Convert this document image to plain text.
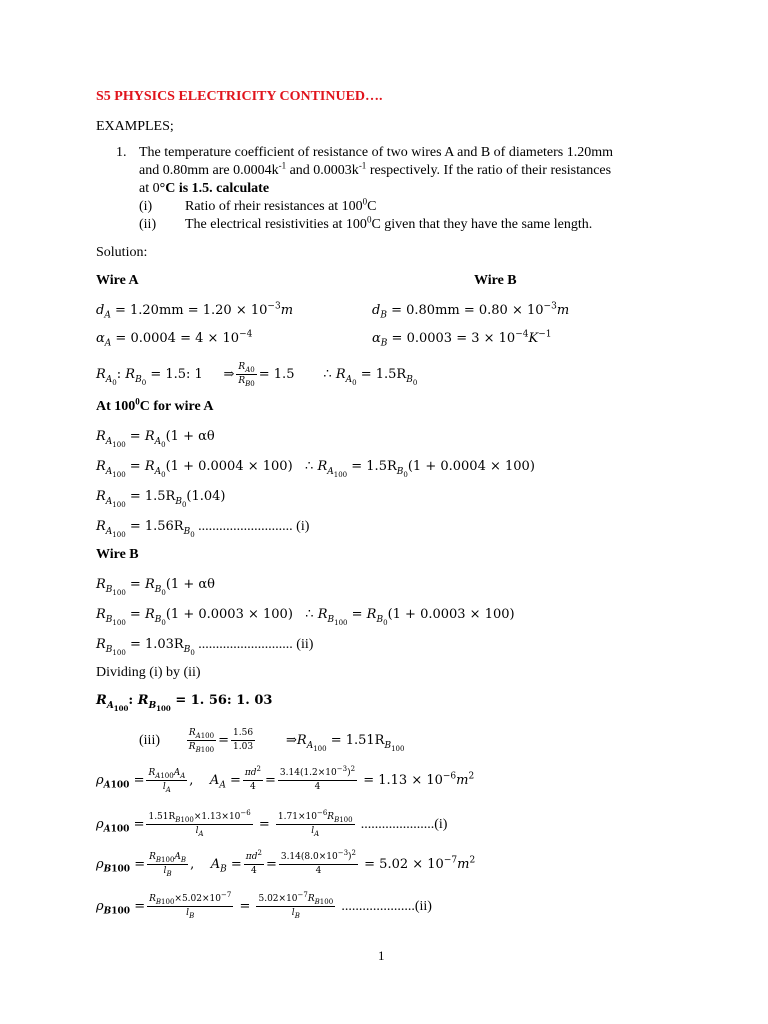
S5 PHYSICS ELECTRICITY CONTINUED….
EXAMPLES;
1. The temperature coefficient of resistance of two wires A and B of diameters 1.20mm
and 0.80mm are $0.0004k^{-1}$ and $0.0003k^{-1}$ respectively. If the ratio of their resistances
at 0°C is 1.5. calculate
(i) Ratio of rheir resistances at $100^0C$
(ii) The electrical resistivities at $100^0C$ given that they have the same length.
Solution:
Wire A	Wire B
$d_A = 1.20mm = 1.20 \times 10^{-3}m$	$d_B = 0.80mm = 0.80 \times 10^{-3}m$
$\alpha_A = 0.0004 = 4 \times 10^{-4}$	$\alpha_B = 0.0003 = 3 \times 10^{-4}K^{-1}$
$R_{A_0}$: $R_{B_0} = 1.5$: 1     ⇒ $\frac{R_{A0}}{R_{B0}} = 1.5$       ∴ $R_{A_0} = 1.5R_{B_0}$
At $100^0C$ for wire A
$R_{A_{100}} = R_{A_0}(1 + \alpha\theta$
$R_{A_{100}} = R_{A_0}(1 + 0.0004 \times 100)$   ∴ $R_{A_{100}} = 1.5R_{B_0}(1 + 0.0004 \times 100)$
$R_{A_{100}} = 1.5R_{B_0}(1.04)$
$R_{A_{100}} = 1.56R_{B_0}$ ........................... (i)
Wire B
$R_{B_{100}} = R_{B_0}(1 + \alpha\theta$
$R_{B_{100}} = R_{B_0}(1 + 0.0003 \times 100)$   ∴ $R_{B_{100}} = R_{B_0}(1 + 0.0003 \times 100)$
$R_{B_{100}} = 1.03R_{B_0}$ ........................... (ii)
Dividing (i) by (ii)
$R_{A_{100}}$: $R_{B_{100}} = 1$. 56: 1. 03
(iii)	$\frac{R_{A100}}{R_{B100}} = \frac{1.56}{1.03}$ $\Rightarrow R_{A_{100}} = 1.51R_{B_{100}}$
$\rho_{A100} = \frac{R_{A100}A_A}{l_A}$ ,    $A_A = \frac{\pi d^2}{4} = \frac{3.14(1.2\times 10^{-3})^2}{4} = 1.13 \times 10^{-6}m^2$
$\rho_{A100} = \frac{1.51R_{B100}\times 1.13\times 10^{-6}}{l_A} = \frac{1.71\times 10^{-6}R_{B100}}{l_A} .....................(i)$
$\rho_{B100} = \frac{R_{B100}A_B}{l_B}$ ,    $A_B = \frac{\pi d^2}{4} = \frac{3.14(8.0\times 10^{-3})^2}{4} = 5.02 \times 10^{-7}m^2$
$\rho_{B100} = \frac{R_{B100}\times 5.02\times 10^{-7}}{l_B} = \frac{5.02\times 10^{-7}R_{B100}}{l_B} .....................(ii)$
1
